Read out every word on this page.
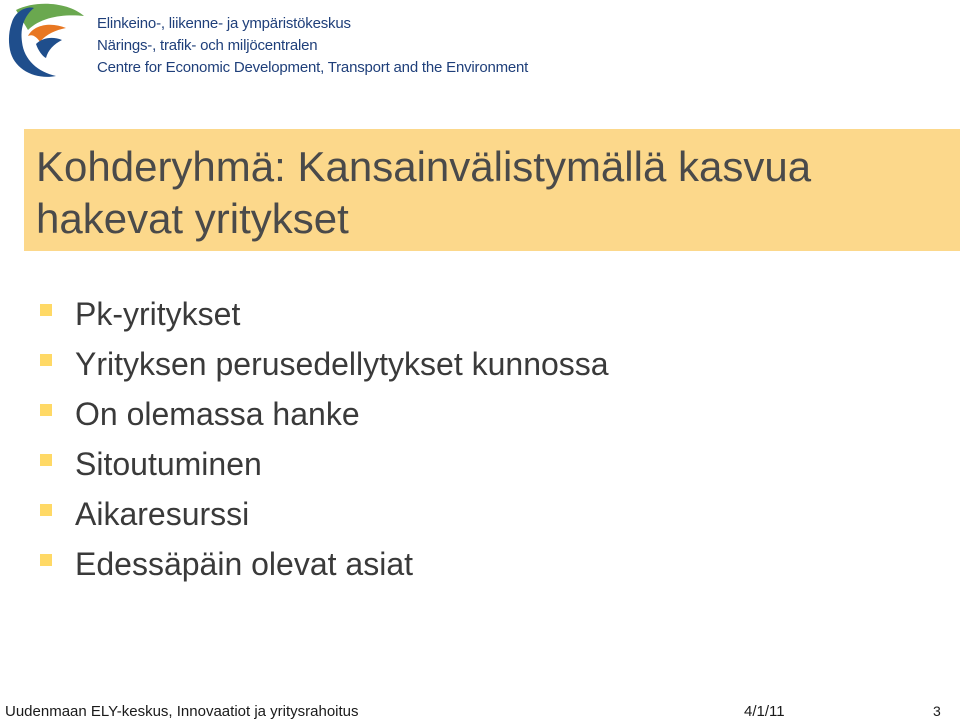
Elinkeino-, liikenne- ja ympäristökeskus
Närings-, trafik- och miljöcentralen
Centre for Economic Development, Transport and the Environment
Kohderyhmä: Kansainvälistymällä kasvua hakevat yritykset
Pk-yritykset
Yrityksen perusedellytykset kunnossa
On olemassa hanke
Sitoutuminen
Aikaresurssi
Edessäpäin olevat asiat
Uudenmaan ELY-keskus, Innovaatiot ja yritysrahoitus	4/1/11	3
